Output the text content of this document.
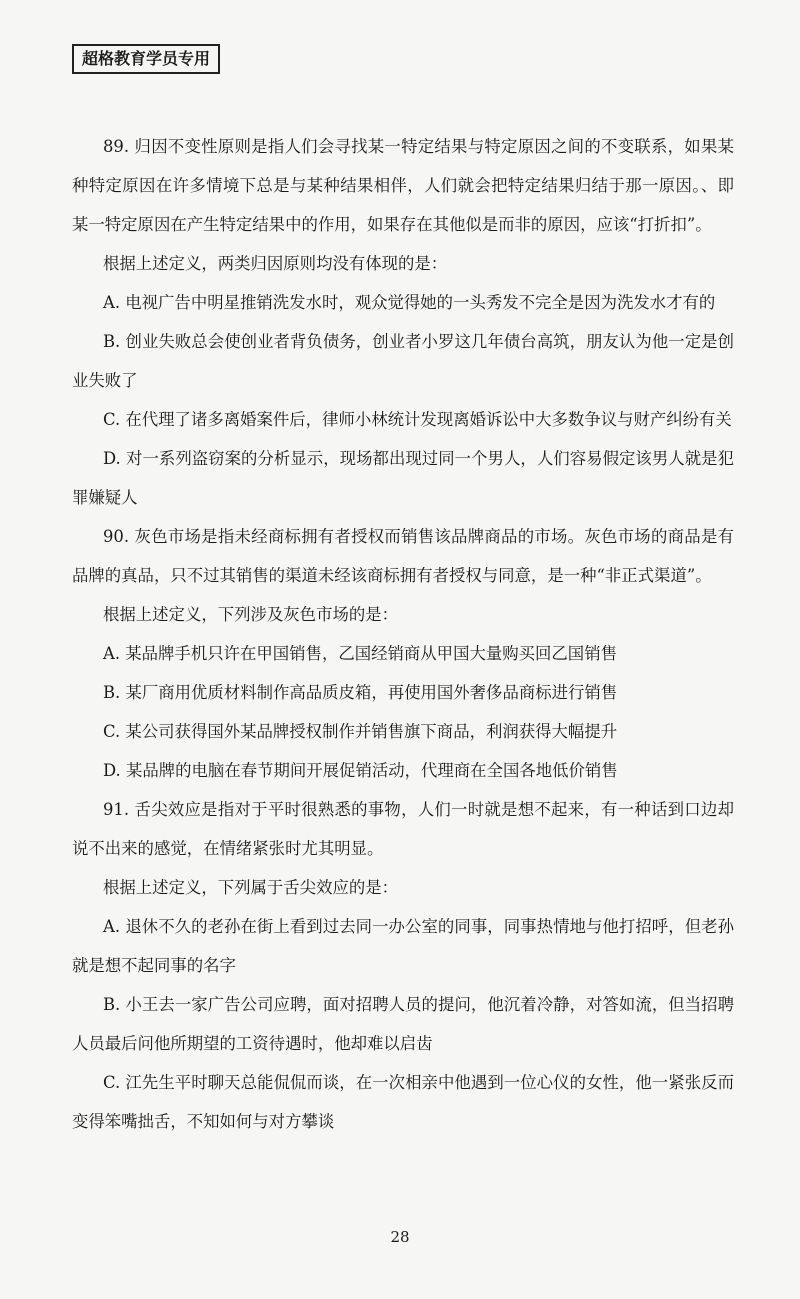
超格教育学员专用

89. 归因不变性原则是指人们会寻找某一特定结果与特定原因之间的不变联系，如果某种特定原因在许多情境下总是与某种结果相伴，人们就会把特定结果归结于那一原因。、即某一特定原因在产生特定结果中的作用，如果存在其他似是而非的原因，应该“打折扣”。

根据上述定义，两类归因原则均没有体现的是：

A. 电视广告中明星推销洗发水时，观众觉得她的一头秀发不完全是因为洗发水才有的

B. 创业失败总会使创业者背负债务，创业者小罗这几年债台高筑，朋友认为他一定是创业失败了

C. 在代理了诸多离婚案件后，律师小林统计发现离婚诉讼中大多数争议与财产纠纷有关

D. 对一系列盗窃案的分析显示，现场都出现过同一个男人，人们容易假定该男人就是犯罪嫌疑人

90. 灰色市场是指未经商标拥有者授权而销售该品牌商品的市场。灰色市场的商品是有品牌的真品，只不过其销售的渠道未经该商标拥有者授权与同意，是一种“非正式渠道”。

根据上述定义，下列涉及灰色市场的是：

A. 某品牌手机只许在甲国销售，乙国经销商从甲国大量购买回乙国销售

B. 某厂商用优质材料制作高品质皮箱，再使用国外奢侈品商标进行销售

C. 某公司获得国外某品牌授权制作并销售旗下商品，利润获得大幅提升

D. 某品牌的电脑在春节期间开展促销活动，代理商在全国各地低价销售

91. 舌尖效应是指对于平时很熟悉的事物，人们一时就是想不起来，有一种话到口边却说不出来的感觉，在情绪紧张时尤其明显。

根据上述定义，下列属于舌尖效应的是：

A. 退休不久的老孙在街上看到过去同一办公室的同事，同事热情地与他打招呼，但老孙就是想不起同事的名字

B. 小王去一家广告公司应聘，面对招聘人员的提问，他沉着冷静，对答如流，但当招聘人员最后问他所期望的工资待遇时，他却难以启齿

C. 江先生平时聊天总能侃侃而谈，在一次相亲中他遇到一位心仪的女性，他一紧张反而变得笨嘴拙舌，不知如何与对方攀谈

28
